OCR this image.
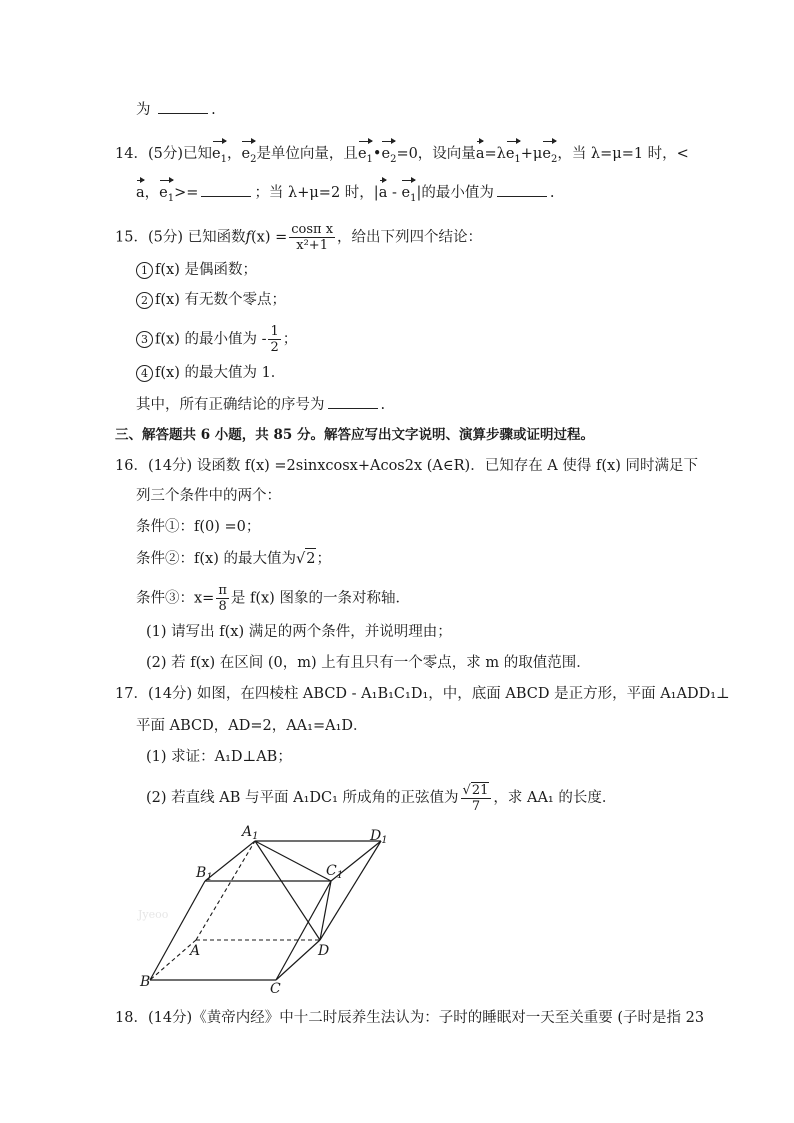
为	.
14．(5分)已知$e_1$，$e_2$是单位向量，且$e_1•e_2=0$，设向量$a=\lambda e_1+\mu e_2$，当 λ=μ=1 时，<
a，$e_1>=$	；当 λ+μ=2 时，$|a - e_1|$的最小值为	.
15．(5分) 已知函数$f(x) = \frac{\text{cosπ x}}{\text{x²+1}}$ ，给出下列四个结论：
1 f(x) 是偶函数；
2 f(x) 有无数个零点；
3 f(x) 的最小值为 - $\frac{1}{2}$ ；
4 f(x) 的最大值为 1．
其中，所有正确结论的序号为	.
三、解答题共 6 小题，共 85 分。解答应写出文字说明、演算步骤或证明过程。
16．(14分) 设函数 f(x) =2sinxcosx+Acos2x (A∈R)．已知存在 A 使得 f(x) 同时满足下
列三个条件中的两个：
条件①：f(0) =0；
条件②：f(x) 的最大值为√2；
条件③：$x= \frac{\pi}{8}$ 是 f(x) 图象的一条对称轴．
(1) 请写出 f(x) 满足的两个条件，并说明理由；
(2) 若 f(x) 在区间 (0，m) 上有且只有一个零点，求 m 的取值范围．
17．(14分) 如图，在四棱柱 ABCD - A₁B₁C₁D₁，中，底面 ABCD 是正方形，平面 A₁ADD₁⊥
平面 ABCD，AD=2，AA₁=A₁D．
(1) 求证：A₁D⊥AB；
(2) 若直线 AB 与平面 A₁DC₁ 所成角的正弦值为 $\frac{√21}{7}$ ，求 AA₁ 的长度．
$A_1$	$D_1$
$B_1$	$C_1$
A	D
B	C
Jyeoo
18．(14分)《黄帝内经》中十二时辰养生法认为：子时的睡眠对一天至关重要 (子时是指 23
